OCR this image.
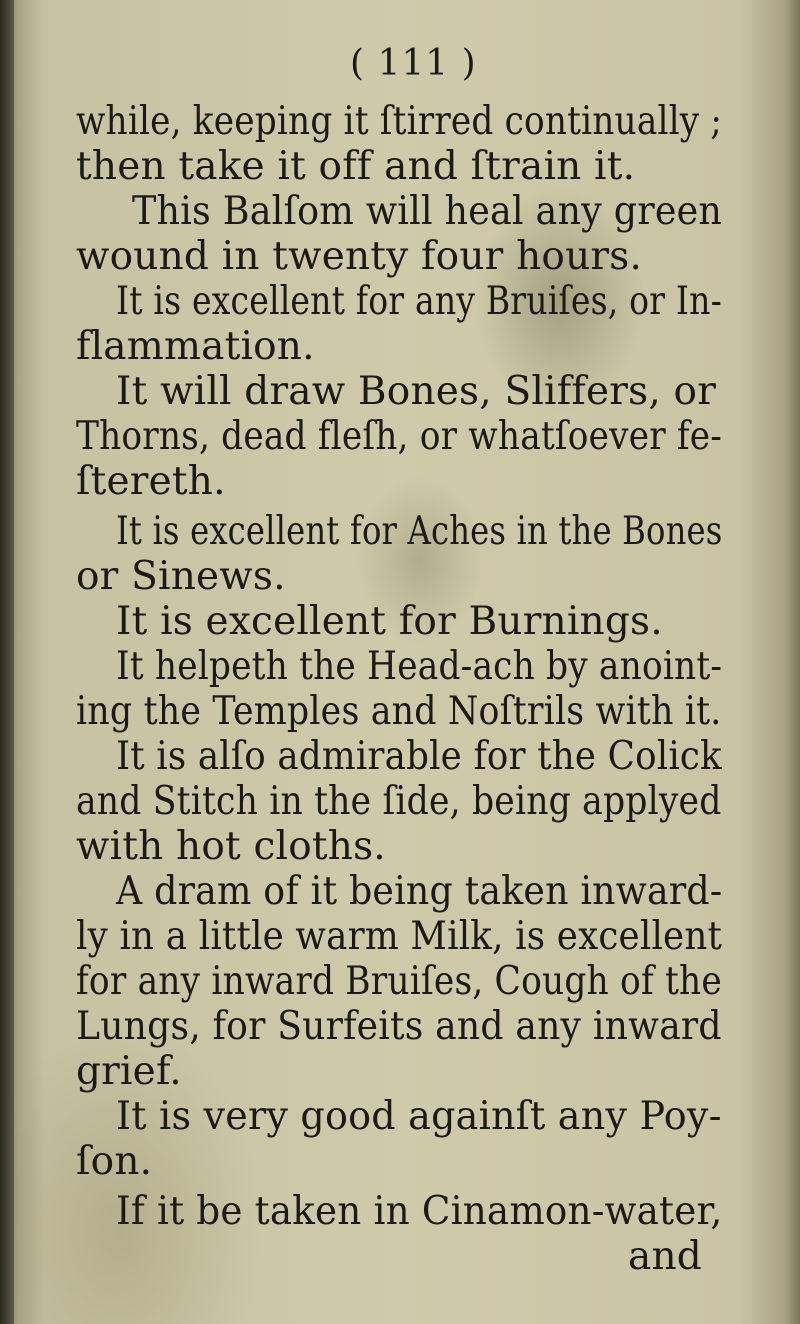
( 111 )
while, keeping it ſtirred continually ;
then take it off and ſtrain it.
This Balſom will heal any green
wound in twenty four hours.
It is excellent for any Bruiſes, or In-
flammation.
It will draw Bones, Sliffers, or
Thorns, dead fleſh, or whatſoever fe-
ſtereth.
It is excellent for Aches in the Bones
or Sinews.
It is excellent for Burnings.
It helpeth the Head-ach by anoint-
ing the Temples and Noſtrils with it.
It is alſo admirable for the Colick
and Stitch in the ſide, being applyed
with hot cloths.
A dram of it being taken inward-
ly in a little warm Milk, is excellent
for any inward Bruiſes, Cough of the
Lungs, for Surfeits and any inward
grief.
It is very good againſt any Poy-
ſon.
If it be taken in Cinamon-water,
and
